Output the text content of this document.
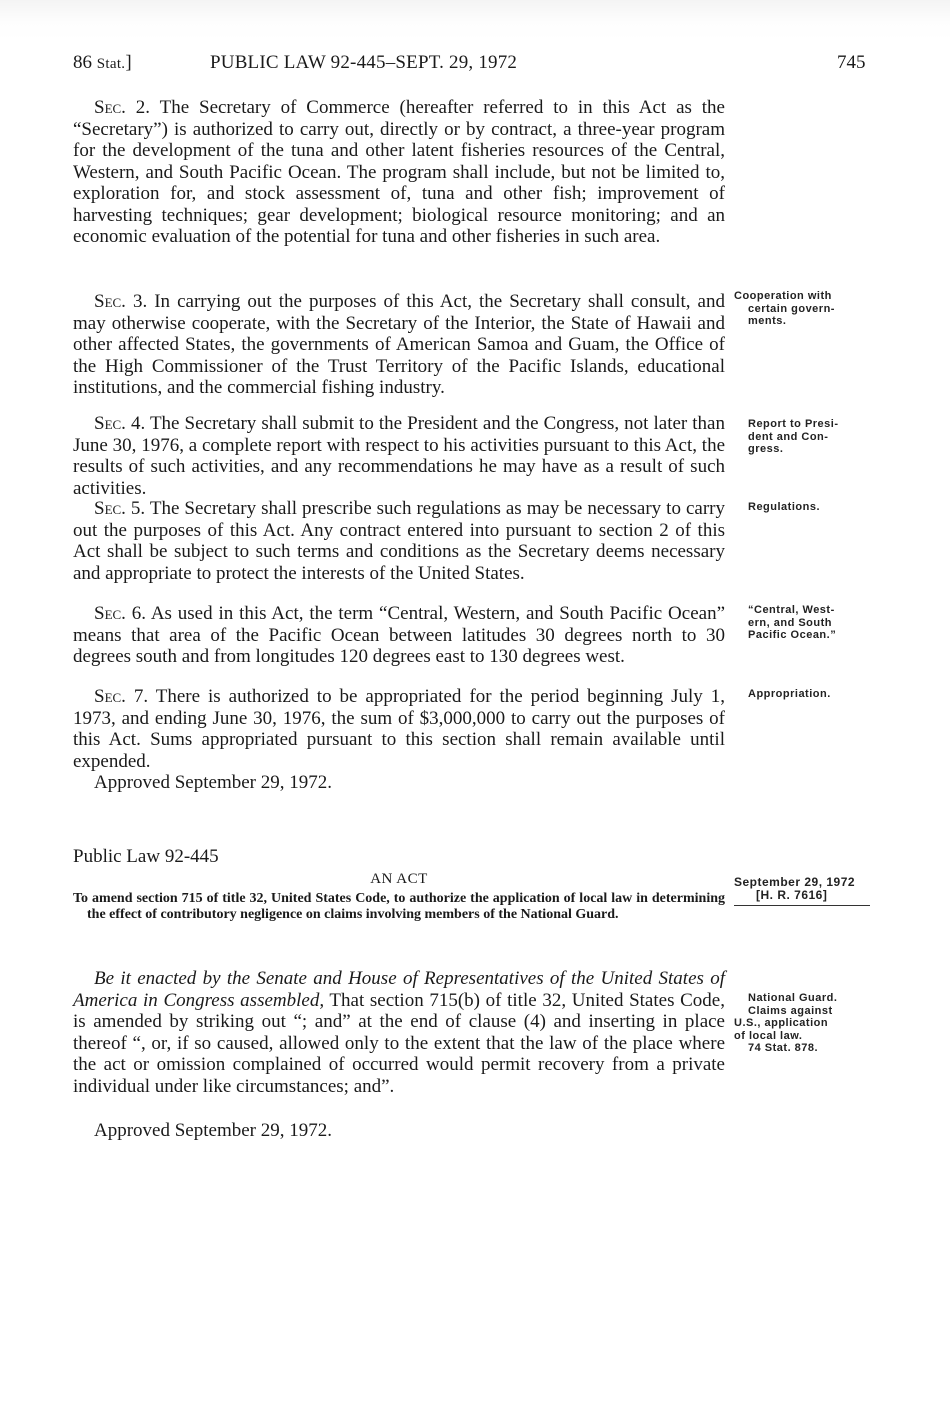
86 Stat.]	PUBLIC LAW 92-445–SEPT. 29, 1972	745

Sec. 2. The Secretary of Commerce (hereafter referred to in this Act as the “Secretary”) is authorized to carry out, directly or by contract, a three-year program for the development of the tuna and other latent fisheries resources of the Central, Western, and South Pacific Ocean. The program shall include, but not be limited to, exploration for, and stock assessment of, tuna and other fish; improvement of harvesting techniques; gear development; biological resource monitoring; and an economic evaluation of the potential for tuna and other fisheries in such area.

Sec. 3. In carrying out the purposes of this Act, the Secretary shall consult, and may otherwise cooperate, with the Secretary of the Interior, the State of Hawaii and other affected States, the governments of American Samoa and Guam, the Office of the High Commissioner of the Trust Territory of the Pacific Islands, educational institutions, and the commercial fishing industry.

Sec. 4. The Secretary shall submit to the President and the Congress, not later than June 30, 1976, a complete report with respect to his activities pursuant to this Act, the results of such activities, and any recommendations he may have as a result of such activities.

Sec. 5. The Secretary shall prescribe such regulations as may be necessary to carry out the purposes of this Act. Any contract entered into pursuant to section 2 of this Act shall be subject to such terms and conditions as the Secretary deems necessary and appropriate to protect the interests of the United States.

Sec. 6. As used in this Act, the term “Central, Western, and South Pacific Ocean” means that area of the Pacific Ocean between latitudes 30 degrees north to 30 degrees south and from longitudes 120 degrees east to 130 degrees west.

Sec. 7. There is authorized to be appropriated for the period beginning July 1, 1973, and ending June 30, 1976, the sum of $3,000,000 to carry out the purposes of this Act. Sums appropriated pursuant to this section shall remain available until expended.

Approved September 29, 1972.

Cooperation with

certain govern-
ments.
Report to Presi-
dent and Con-
gress.
Regulations.
“Central, West-
ern, and South
Pacific Ocean.”
Appropriation.
Public Law 92-445
AN ACT
To amend section 715 of title 32, United States Code, to authorize the application of local law in determining the effect of contributory negligence on claims involving members of the National Guard.
September 29, 1972

[H. R. 7616]

Be it enacted by the Senate and House of Representatives of the United States of America in Congress assembled, That section 715(b) of title 32, United States Code, is amended by striking out “; and” at the end of clause (4) and inserting in place thereof “, or, if so caused, allowed only to the extent that the law of the place where the act or omission complained of occurred would permit recovery from a private individual under like circumstances; and”.

National Guard.
Claims against
U.S., application
of local law.

74 Stat. 878.

Approved September 29, 1972.
